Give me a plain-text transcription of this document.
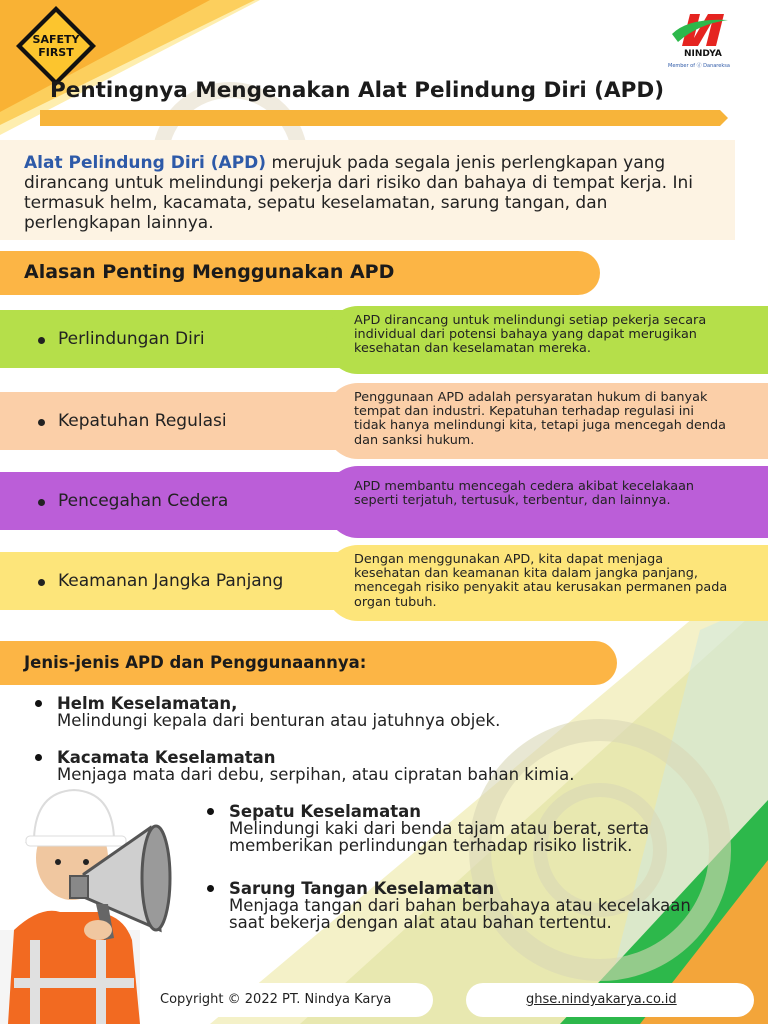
SAFETY
FIRST	NINDYA
Member of ⓓ Danareksa
Pentingnya Mengenakan Alat Pelindung Diri (APD)

Alat Pelindung Diri (APD) merujuk pada segala jenis perlengkapan yang dirancang untuk melindungi pekerja dari risiko dan bahaya di tempat kerja. Ini termasuk helm, kacamata, sepatu keselamatan, sarung tangan, dan perlengkapan lainnya.

Alasan Penting Menggunakan APD
Perlindungan Diri
APD dirancang untuk melindungi setiap pekerja secara individual dari potensi bahaya yang dapat merugikan kesehatan dan keselamatan mereka.
Kepatuhan Regulasi
Penggunaan APD adalah persyaratan hukum di banyak tempat dan industri. Kepatuhan terhadap regulasi ini tidak hanya melindungi kita, tetapi juga mencegah denda dan sanksi hukum.
Pencegahan Cedera
APD membantu mencegah cedera akibat kecelakaan seperti terjatuh, tertusuk, terbentur, dan lainnya.
Keamanan Jangka Panjang
Dengan menggunakan APD, kita dapat menjaga kesehatan dan keamanan kita dalam jangka panjang, mencegah risiko penyakit atau kerusakan permanen pada organ tubuh.
Jenis-jenis APD dan Penggunaannya:
Helm Keselamatan,
Melindungi kepala dari benturan atau jatuhnya objek.
Kacamata Keselamatan
Menjaga mata dari debu, serpihan, atau cipratan bahan kimia.
Sepatu Keselamatan
Melindungi kaki dari benda tajam atau berat, serta memberikan perlindungan terhadap risiko listrik.
Sarung Tangan Keselamatan
Menjaga tangan dari bahan berbahaya atau kecelakaan saat bekerja dengan alat atau bahan tertentu.
Copyright © 2022 PT. Nindya Karya	ghse.nindyakarya.co.id
